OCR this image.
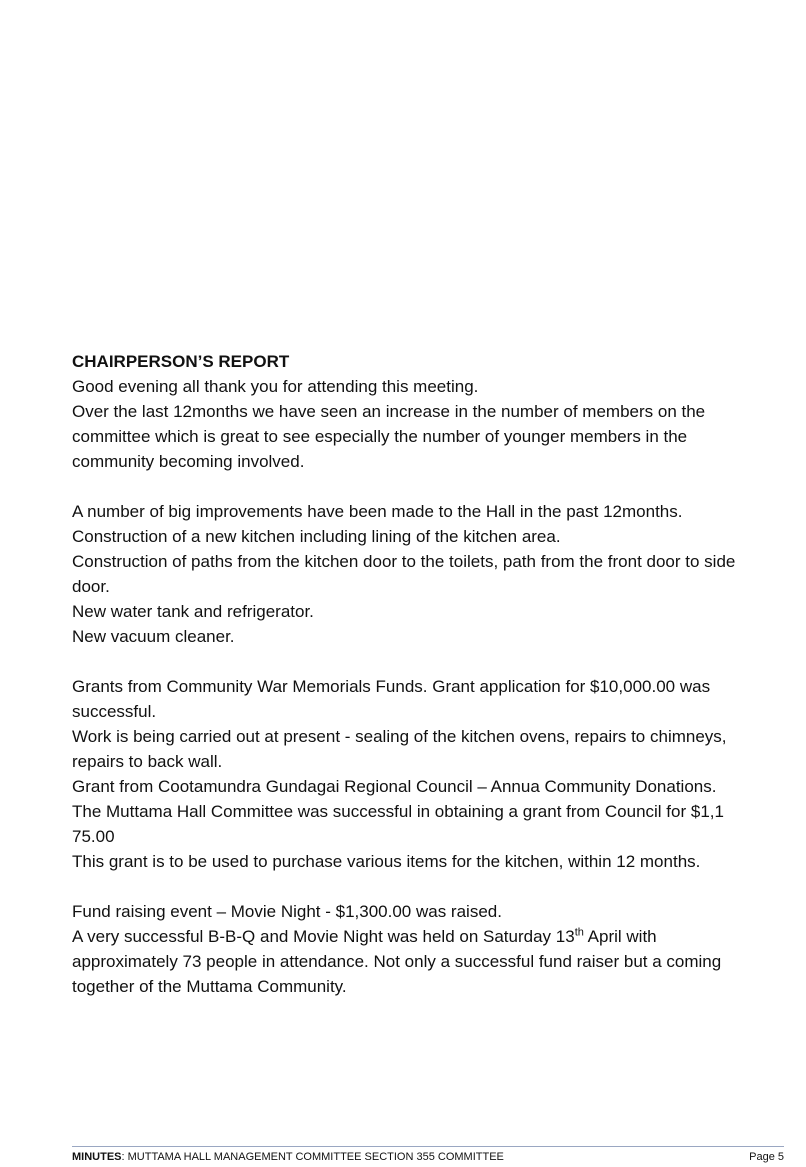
CHAIRPERSON’S REPORT

Good evening all thank you for attending this meeting.

Over the last 12months we have seen an increase in the number of members on the committee which is great to see especially the number of younger members in the community becoming involved.

A number of big improvements have been made to the Hall in the past 12months.

Construction of a new kitchen including lining of the kitchen area.

Construction of paths from the kitchen door to the toilets, path from the front door to side door.

New water tank and refrigerator.

New vacuum cleaner.

Grants from Community War Memorials Funds. Grant application for $10,000.00 was successful.

Work is being carried out at present - sealing of the kitchen ovens, repairs to chimneys, repairs to back wall.

Grant from Cootamundra Gundagai Regional Council – Annua Community Donations.

The Muttama Hall Committee was successful in obtaining a grant from Council for $1,1 75.00

This grant is to be used to purchase various items for the kitchen, within 12 months.

Fund raising event – Movie Night - $1,300.00 was raised.

A very successful B-B-Q and Movie Night was held on Saturday 13th April with approximately 73 people in attendance. Not only a successful fund raiser but a coming together of the Muttama Community.

MINUTES: MUTTAMA HALL MANAGEMENT COMMITTEE SECTION 355 COMMITTEE	Page 5
